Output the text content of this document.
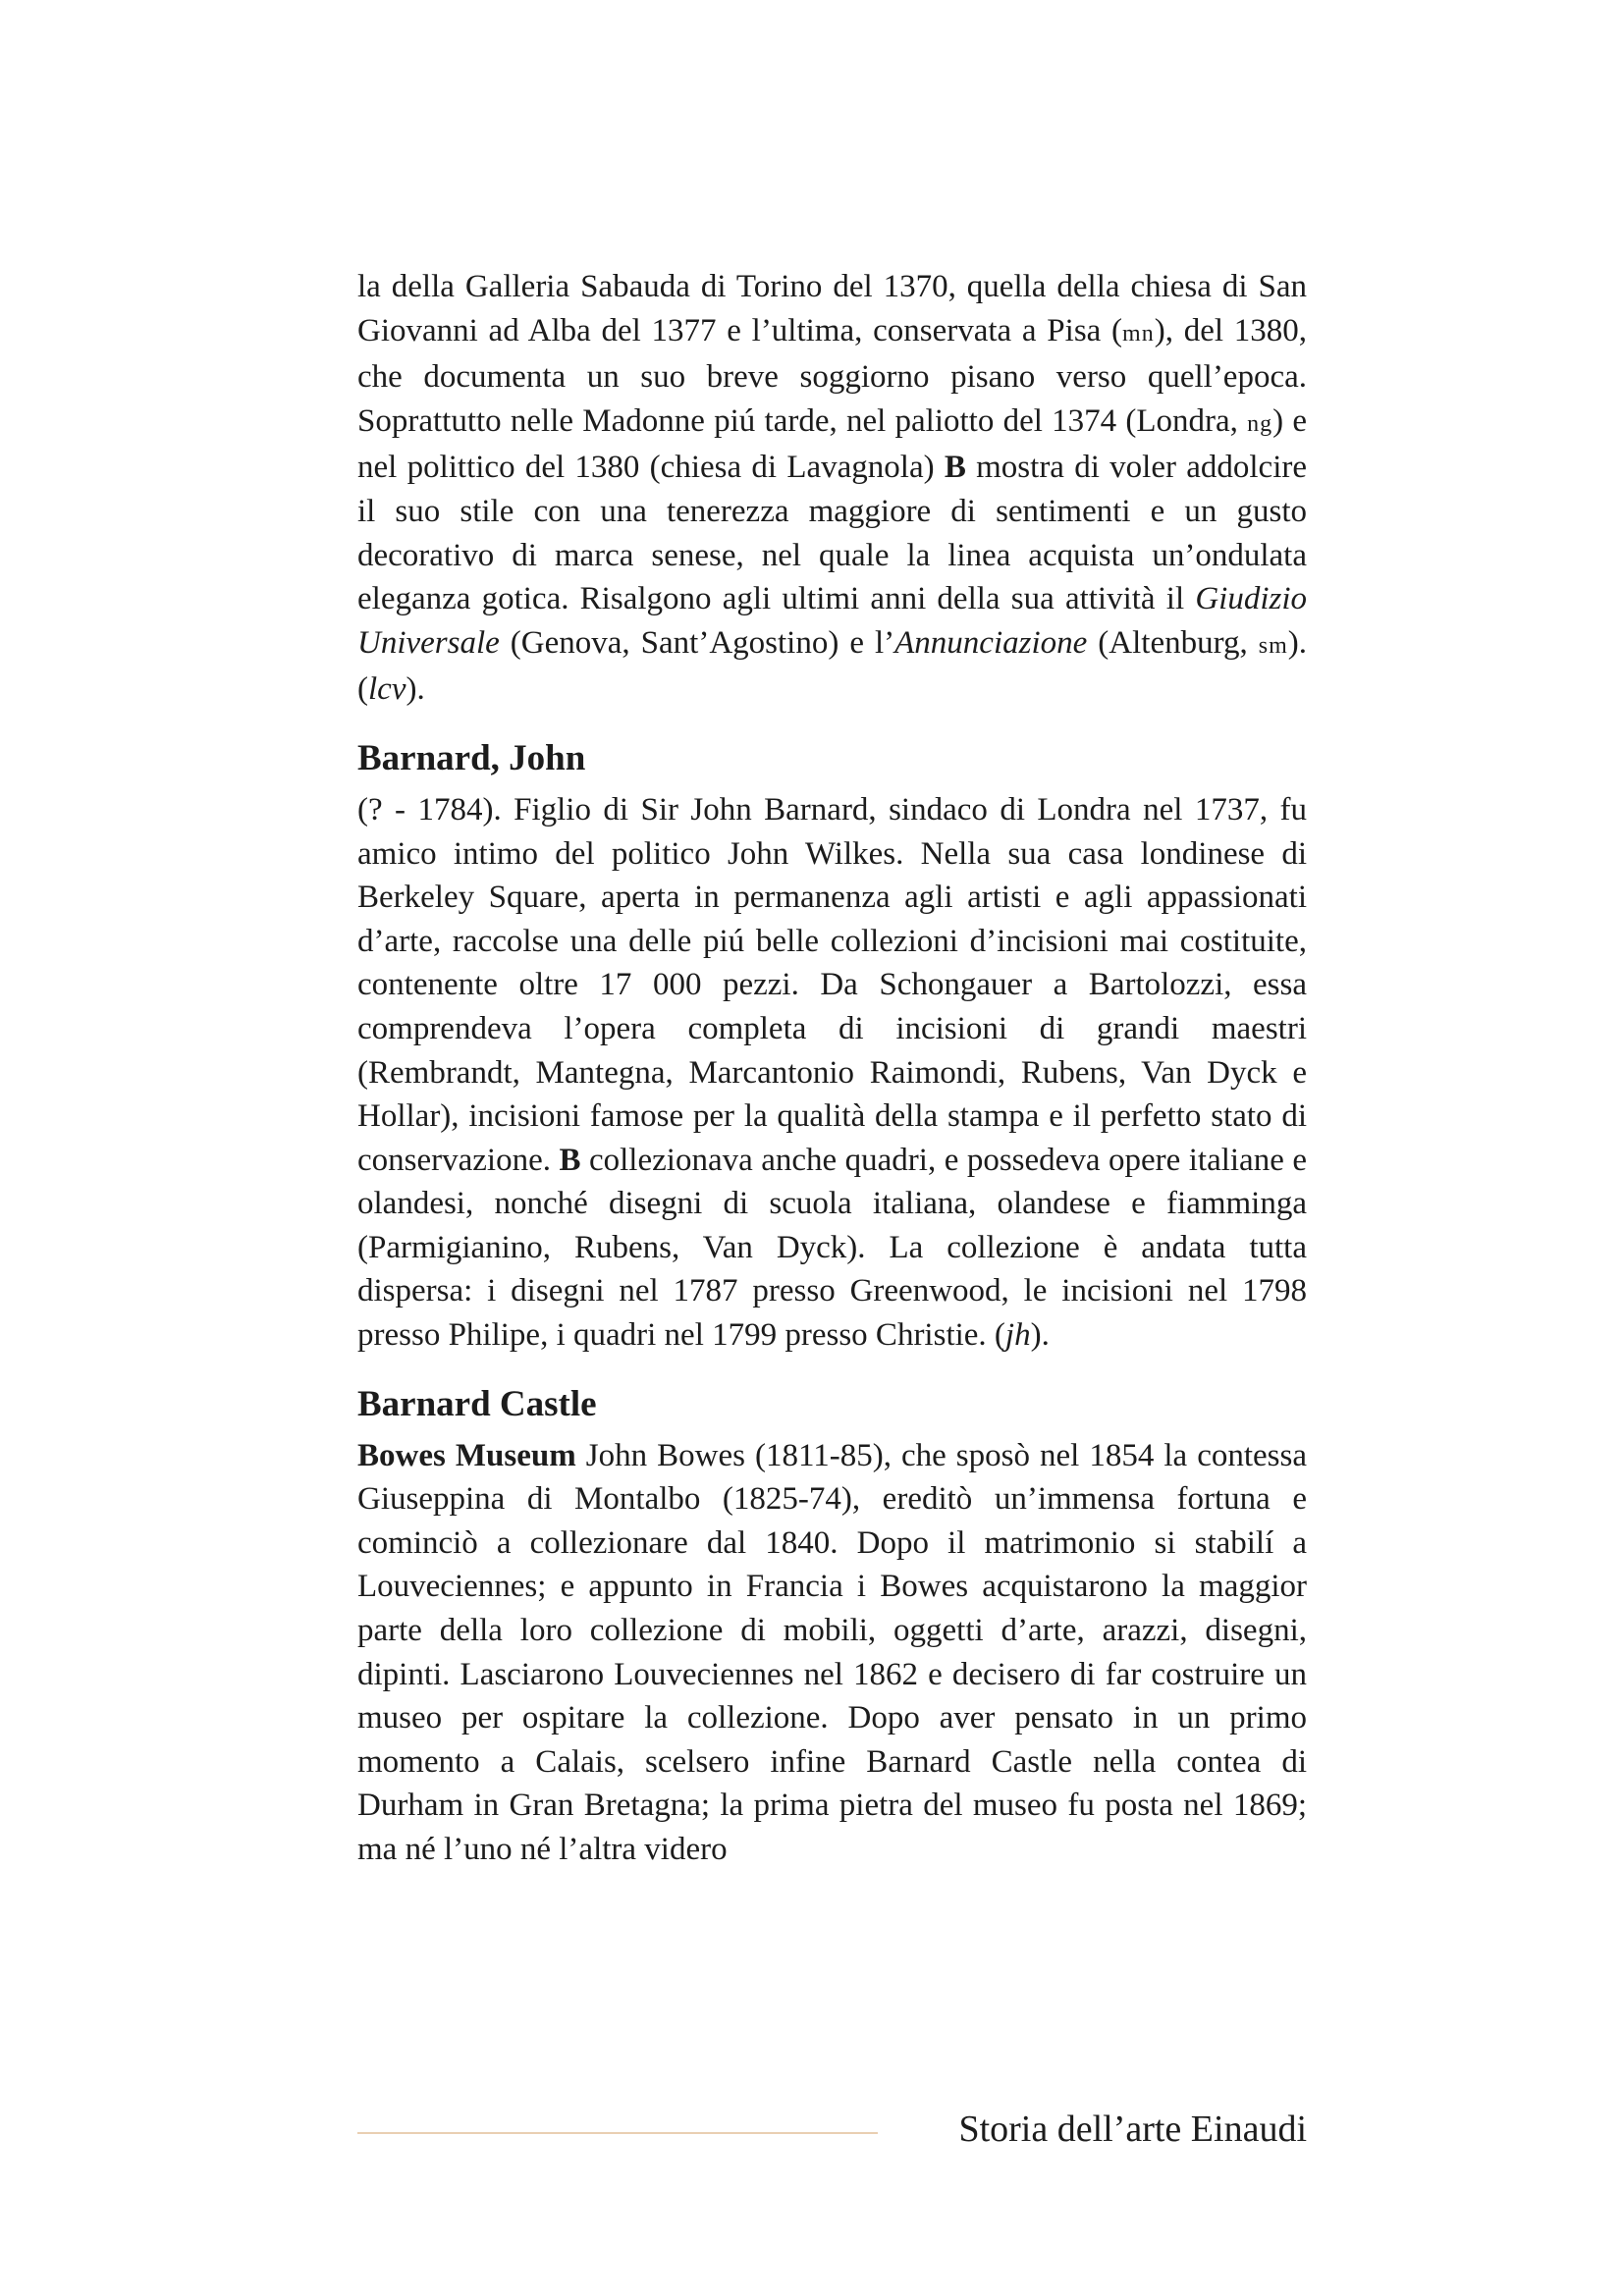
la della Galleria Sabauda di Torino del 1370, quella della chiesa di San Giovanni ad Alba del 1377 e l’ultima, conservata a Pisa (mn), del 1380, che documenta un suo breve soggiorno pisano verso quell’epoca. Soprattutto nelle Madonne piú tarde, nel paliotto del 1374 (Londra, ng) e nel polittico del 1380 (chiesa di Lavagnola) B mostra di voler addolcire il suo stile con una tenerezza maggiore di sentimenti e un gusto decorativo di marca senese, nel quale la linea acquista un’ondulata eleganza gotica. Risalgono agli ultimi anni della sua attività il Giudizio Universale (Genova, Sant’Agostino) e l’Annunciazione (Altenburg, sm). (lcv).

Barnard, John

(? - 1784). Figlio di Sir John Barnard, sindaco di Londra nel 1737, fu amico intimo del politico John Wilkes. Nella sua casa londinese di Berkeley Square, aperta in permanenza agli artisti e agli appassionati d’arte, raccolse una delle piú belle collezioni d’incisioni mai costituite, contenente oltre 17 000 pezzi. Da Schongauer a Bartolozzi, essa comprendeva l’opera completa di incisioni di grandi maestri (Rembrandt, Mantegna, Marcantonio Raimondi, Rubens, Van Dyck e Hollar), incisioni famose per la qualità della stampa e il perfetto stato di conservazione. B collezionava anche quadri, e possedeva opere italiane e olandesi, nonché disegni di scuola italiana, olandese e fiamminga (Parmigianino, Rubens, Van Dyck). La collezione è andata tutta dispersa: i disegni nel 1787 presso Greenwood, le incisioni nel 1798 presso Philipe, i quadri nel 1799 presso Christie. (jh).

Barnard Castle

Bowes Museum John Bowes (1811-85), che sposò nel 1854 la contessa Giuseppina di Montalbo (1825-74), ereditò un’immensa fortuna e cominciò a collezionare dal 1840. Dopo il matrimonio si stabilí a Louveciennes; e appunto in Francia i Bowes acquistarono la maggior parte della loro collezione di mobili, oggetti d’arte, arazzi, disegni, dipinti. Lasciarono Louveciennes nel 1862 e decisero di far costruire un museo per ospitare la collezione. Dopo aver pensato in un primo momento a Calais, scelsero infine Barnard Castle nella contea di Durham in Gran Bretagna; la prima pietra del museo fu posta nel 1869; ma né l’uno né l’altra videro

Storia dell’arte Einaudi
